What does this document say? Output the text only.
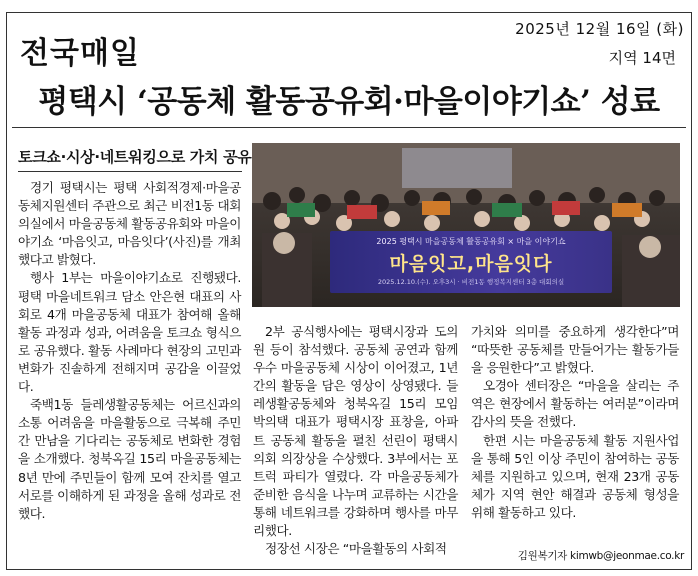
2025년 12월 16일 (화)
전국매일	지역 14면
평택시 ‘공동체 활동공유회·마을이야기쇼’ 성료
토크쇼·시상·네트워킹으로 가치 공유

경기 평택시는 평택 사회적경제·마을공동체지원센터 주관으로 최근 비전1동 대회의실에서 마을공동체 활동공유회와 마을이야기쇼 ‘마음잇고, 마음잇다’(사진)를 개최했다고 밝혔다.

행사 1부는 마을이야기쇼로 진행됐다. 평택 마을네트워크 담소 안은현 대표의 사회로 4개 마을공동체 대표가 참여해 올해 활동 과정과 성과, 어려움을 토크쇼 형식으로 공유했다. 활동 사례마다 현장의 고민과 변화가 진솔하게 전해지며 공감을 이끌었다.

죽백1동 들레생활공동체는 어르신과의 소통 어려움을 마을활동으로 극복해 주민 간 만남을 기다리는 공동체로 변화한 경험을 소개했다. 청북옥길 15리 마을공동체는 8년 만에 주민들이 함께 모여 잔치를 열고 서로를 이해하게 된 과정을 올해 성과로 전했다.

2025 평택시 마을공동체 활동공유회 × 마을 이야기쇼
마음잇고,마음잇다
2025.12.10.(수). 오후3시 · 비전1동 행정복지센터 3층 대회의실

2부 공식행사에는 평택시장과 도의원 등이 참석했다. 공동체 공연과 함께 우수 마을공동체 시상이 이어졌고, 1년간의 활동을 담은 영상이 상영됐다. 들레생활공동체와 청북옥길 15리 모임 박의택 대표가 평택시장 표창을, 아파트 공동체 활동을 펼친 선린이 평택시의회 의장상을 수상했다. 3부에서는 포트럭 파티가 열렸다. 각 마을공동체가 준비한 음식을 나누며 교류하는 시간을 통해 네트워크를 강화하며 행사를 마무리했다.

정장선 시장은 “마을활동의 사회적

가치와 의미를 중요하게 생각한다”며 “따뜻한 공동체를 만들어가는 활동가들을 응원한다”고 밝혔다.

오경아 센터장은 “마을을 살리는 주역은 현장에서 활동하는 여러분”이라며 감사의 뜻을 전했다.

한편 시는 마을공동체 활동 지원사업을 통해 5인 이상 주민이 참여하는 공동체를 지원하고 있으며, 현재 23개 공동체가 지역 현안 해결과 공동체 형성을 위해 활동하고 있다.

김원복기자 kimwb@jeonmae.co.kr
